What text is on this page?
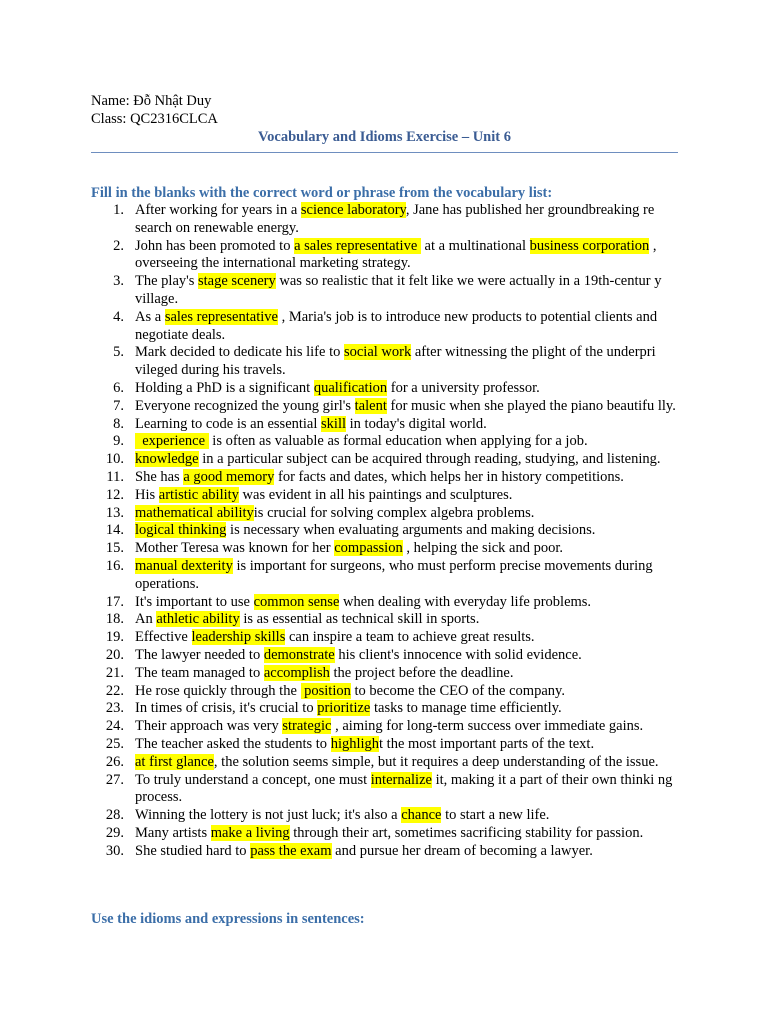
Name: Đỗ Nhật Duy
Class: QC2316CLCA
Vocabulary and Idioms Exercise – Unit 6
Fill in the blanks with the correct word or phrase from the vocabulary list:
1. After working for years in a science laboratory, Jane has published her groundbreaking re search on renewable energy.
2. John has been promoted to a sales representative  at a multinational business corporation , overseeing the international marketing strategy.
3. The play's stage scenery was so realistic that it felt like we were actually in a 19th-centur y village.
4. As a sales representative , Maria's job is to introduce new products to potential clients and negotiate deals.
5. Mark decided to dedicate his life to social work after witnessing the plight of the underpri vileged during his travels.
6. Holding a PhD is a significant qualification for a university professor.
7. Everyone recognized the young girl's talent for music when she played the piano beautifu lly.
8. Learning to code is an essential skill in today's digital world.
9. experience  is often as valuable as formal education when applying for a job.
10. knowledge in a particular subject can be acquired through reading, studying, and listening.
11. She has a good memory for facts and dates, which helps her in history competitions.
12. His artistic ability was evident in all his paintings and sculptures.
13. mathematical abilityis crucial for solving complex algebra problems.
14. logical thinking is necessary when evaluating arguments and making decisions.
15. Mother Teresa was known for her compassion , helping the sick and poor.
16. manual dexterity is important for surgeons, who must perform precise movements during operations.
17. It's important to use common sense when dealing with everyday life problems.
18. An athletic ability is as essential as technical skill in sports.
19. Effective leadership skills can inspire a team to achieve great results.
20. The lawyer needed to demonstrate his client's innocence with solid evidence.
21. The team managed to accomplish the project before the deadline.
22. He rose quickly through the  position to become the CEO of the company.
23. In times of crisis, it's crucial to prioritize tasks to manage time efficiently.
24. Their approach was very strategic , aiming for long-term success over immediate gains.
25. The teacher asked the students to highlight the most important parts of the text.
26. at first glance, the solution seems simple, but it requires a deep understanding of the issue.
27. To truly understand a concept, one must internalize it, making it a part of their own thinki ng process.
28. Winning the lottery is not just luck; it's also a chance to start a new life.
29. Many artists make a living through their art, sometimes sacrificing stability for passion.
30. She studied hard to pass the exam and pursue her dream of becoming a lawyer.
Use the idioms and expressions in sentences:
